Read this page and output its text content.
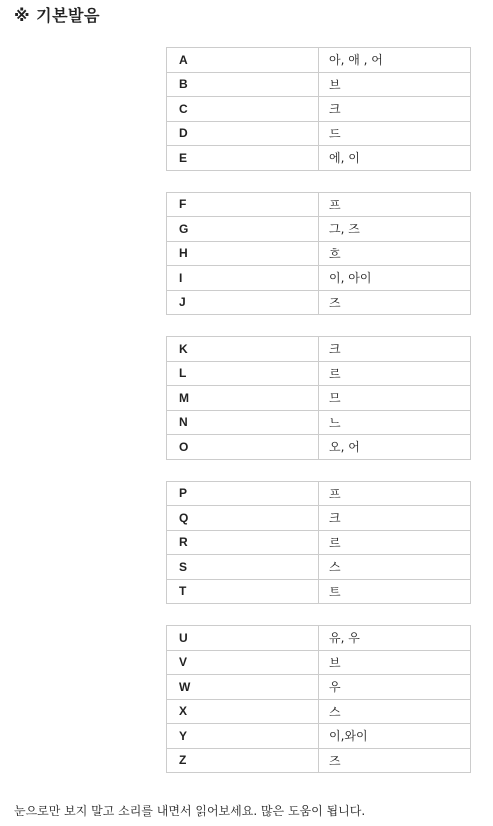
※ 기본발음
A	아, 애 , 어
B	브
C	크
D	드
E	에, 이
F	프
G	그, 즈
H	흐
I	이, 아이
J	즈
K	크
L	르
M	므
N	느
O	오, 어
P	프
Q	크
R	르
S	스
T	트
U	유, 우
V	브
W	우
X	스
Y	이,와이
Z	즈
눈으로만 보지 말고 소리를 내면서 읽어보세요. 많은 도움이 됩니다.
